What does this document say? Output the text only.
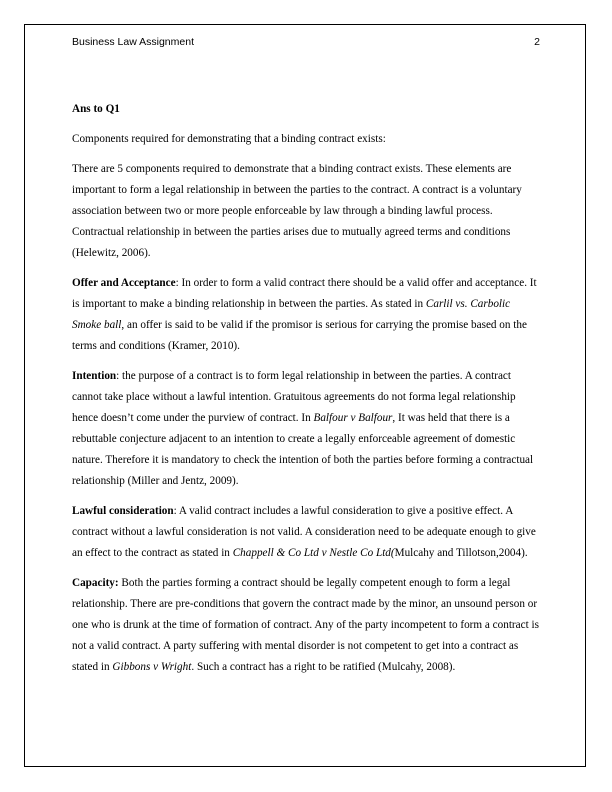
Business Law Assignment	2

Ans to Q1

Components required for demonstrating that a binding contract exists:

There are 5 components required to demonstrate that a binding contract exists. These elements are important to form a legal relationship in between the parties to the contract. A contract is a voluntary association between two or more people enforceable by law through a binding lawful process. Contractual relationship in between the parties arises due to mutually agreed terms and conditions (Helewitz, 2006).

Offer and Acceptance: In order to form a valid contract there should be a valid offer and acceptance. It is important to make a binding relationship in between the parties. As stated in Carlil vs. Carbolic Smoke ball, an offer is said to be valid if the promisor is serious for carrying the promise based on the terms and conditions (Kramer, 2010).

Intention: the purpose of a contract is to form legal relationship in between the parties. A contract cannot take place without a lawful intention. Gratuitous agreements do not forma legal relationship hence doesn’t come under the purview of contract. In Balfour v Balfour, It was held that there is a rebuttable conjecture adjacent to an intention to create a legally enforceable agreement of domestic nature. Therefore it is mandatory to check the intention of both the parties before forming a contractual relationship (Miller and Jentz, 2009).

Lawful consideration: A valid contract includes a lawful consideration to give a positive effect. A contract without a lawful consideration is not valid. A consideration need to be adequate enough to give an effect to the contract as stated in Chappell & Co Ltd v Nestle Co Ltd(Mulcahy and Tillotson,2004).

Capacity: Both the parties forming a contract should be legally competent enough to form a legal relationship. There are pre-conditions that govern the contract made by the minor, an unsound person or one who is drunk at the time of formation of contract. Any of the party incompetent to form a contract is not a valid contract. A party suffering with mental disorder is not competent to get into a contract as stated in Gibbons v Wright. Such a contract has a right to be ratified (Mulcahy, 2008).
